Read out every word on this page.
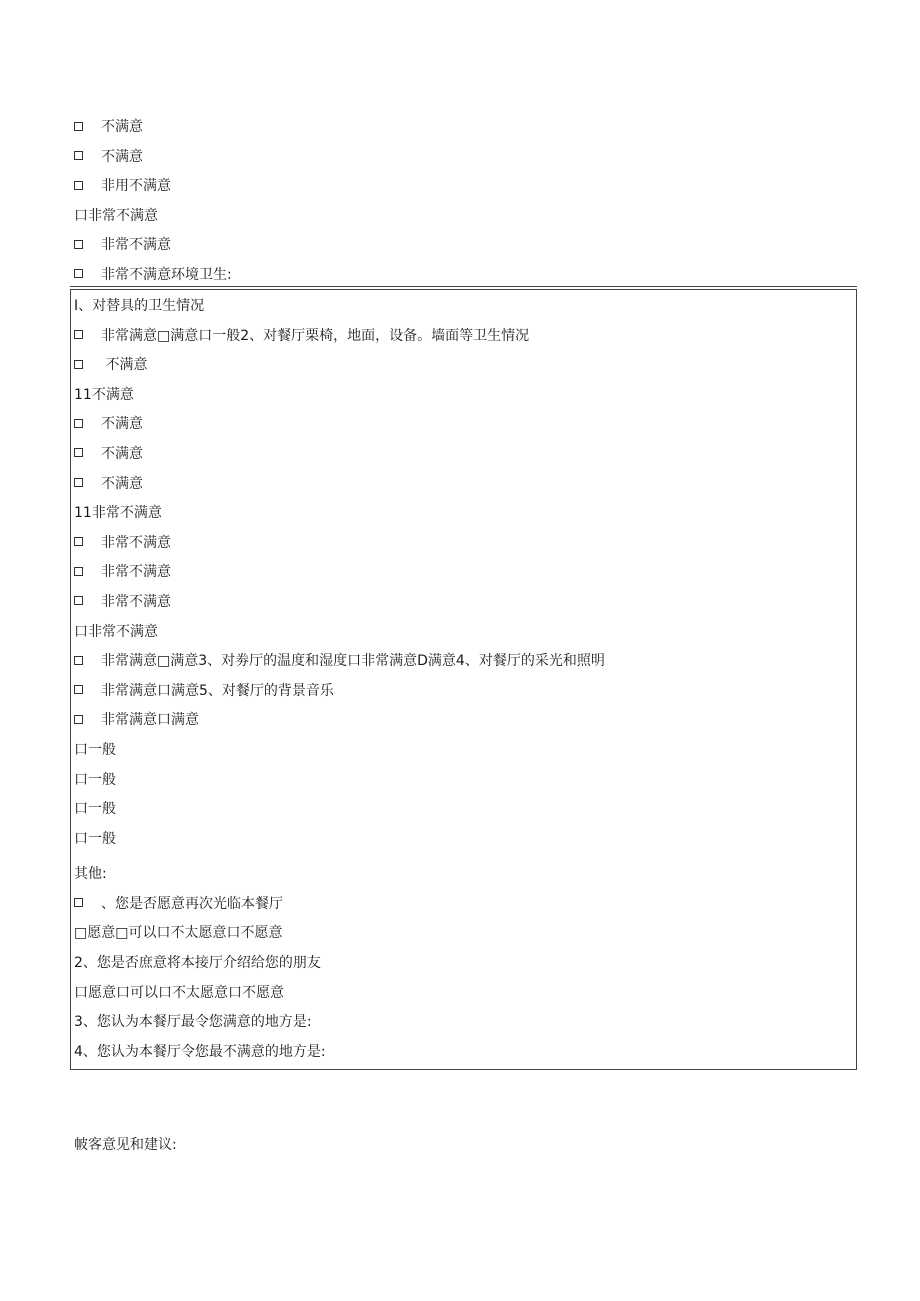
不满意
不满意
非用不满意
口非常不满意
非常不满意
非常不满意环境卫生:
I、对替具的卫生情况
非常满意□满意口一般2、对餐厅栗椅，地面，设备。墙面等卫生情况
不满意
11不满意
不满意
不满意
不满意
11非常不满意
非常不满意
非常不满意
非常不满意
口非常不满意
非常满意□满意3、对劵厅的温度和湿度口非常满意D满意4、对餐厅的采光和照明
非常满意口满意5、对餐厅的背景音乐
非常满意口满意
口一般
口一般
口一般
口一般
其他:
、您是否愿意再次光临本餐厅
□愿意□可以口不太愿意口不愿意
2、您是否庶意将本接厅介绍给您的朋友
口愿意口可以口不太愿意口不愿意
3、您认为本餐厅最令您满意的地方是:
4、您认为本餐厅令您最不满意的地方是:
帔客意见和建议:
